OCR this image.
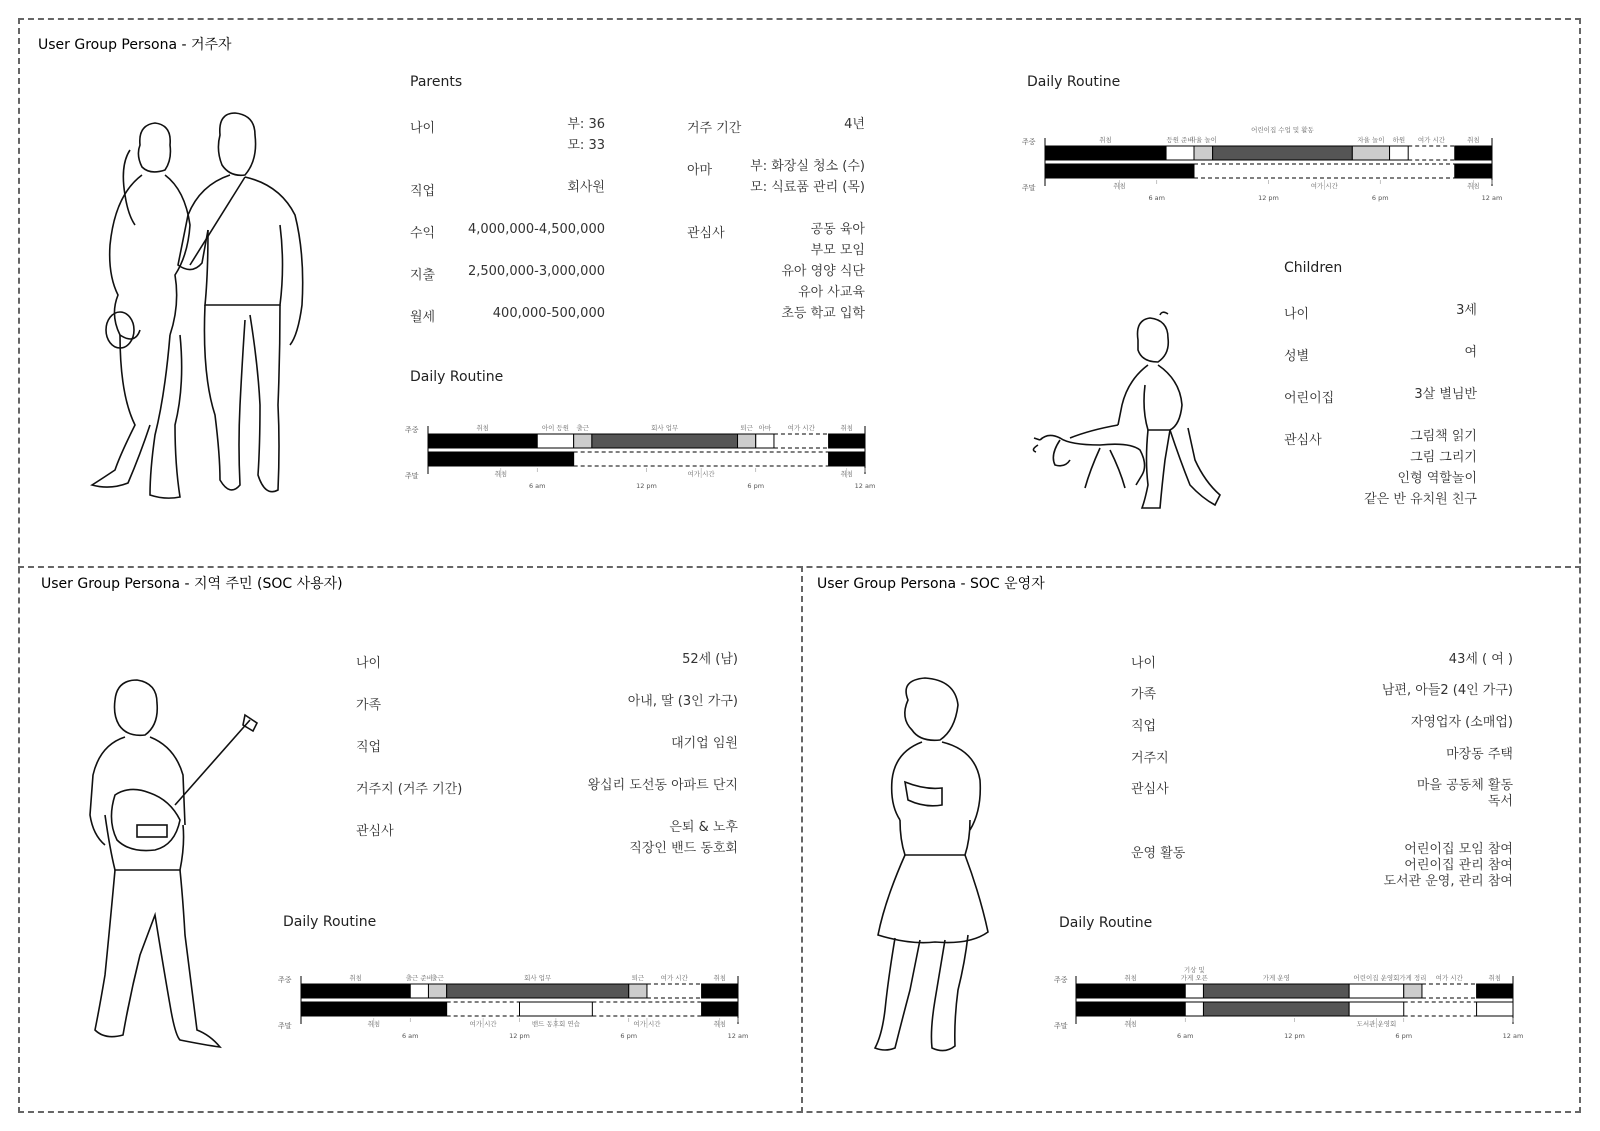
User Group Persona - 거주자
User Group Persona - 지역 주민 (SOC 사용자)	User Group Persona - SOC 운영자
Parents
나이	부: 36
모: 33
직업	회사원
수익	4,000,000-4,500,000
지출	2,500,000-3,000,000
월세	400,000-500,000
거주 기간	4년
아마	부: 화장실 청소 (수)
모: 식료품 관리 (목)
관심사	공동 육아
부모 모임
유아 영양 식단
유아 사교육
초등 학교 입학
Daily Routine
Daily Routine
Children
나이	3세
성별	여
어린이집	3살 별님반
관심사	그림책 읽기
그림 그리기
인형 역할놀이
같은 반 유치원 친구
나이	52세 (남)
가족	아내, 딸 (3인 가구)
직업	대기업 임원
거주지 (거주 기간)	왕십리 도선동 아파트 단지
관심사	은퇴 & 노후
직장인 밴드 동호회
Daily Routine
나이	43세 ( 여 )
가족	남편, 아들2 (4인 가구)
직업	자영업자 (소매업)
거주지	마장동 주택
관심사	마을 공동체 활동
독서
운영 활동	어린이집 모임 참여
어린이집 관리 참여
도서관 운영, 관리 참여
Daily Routine
주중
주말
취침	아이 등원 출근	회사 업무	퇴근 아마	여가 시간	취침
취침	여가 시간	취침
6 am	12 pm	6 pm	12 am
주중
주말
취침	등원 준비
자율 놀이	자율 놀이 하원 여가 시간	취침
취침	여가 시간	취침
6 am	12 pm	6 pm	12 am
어린이집 수업 및 활동
주중
주말
취침	출근 준비
출근	회사 업무	퇴근	여가 시간	취침
취침	여가 시간	밴드 동호회 연습	여가 시간	취침
6 am	12 pm	6 pm	12 am
주중
주말
취침
기상 및
가게 오픈	가게 운영	어린이집 운영회 가게 정리 여가 시간	취침
취침	도서관 운영회
6 am	12 pm	6 pm	12 am
